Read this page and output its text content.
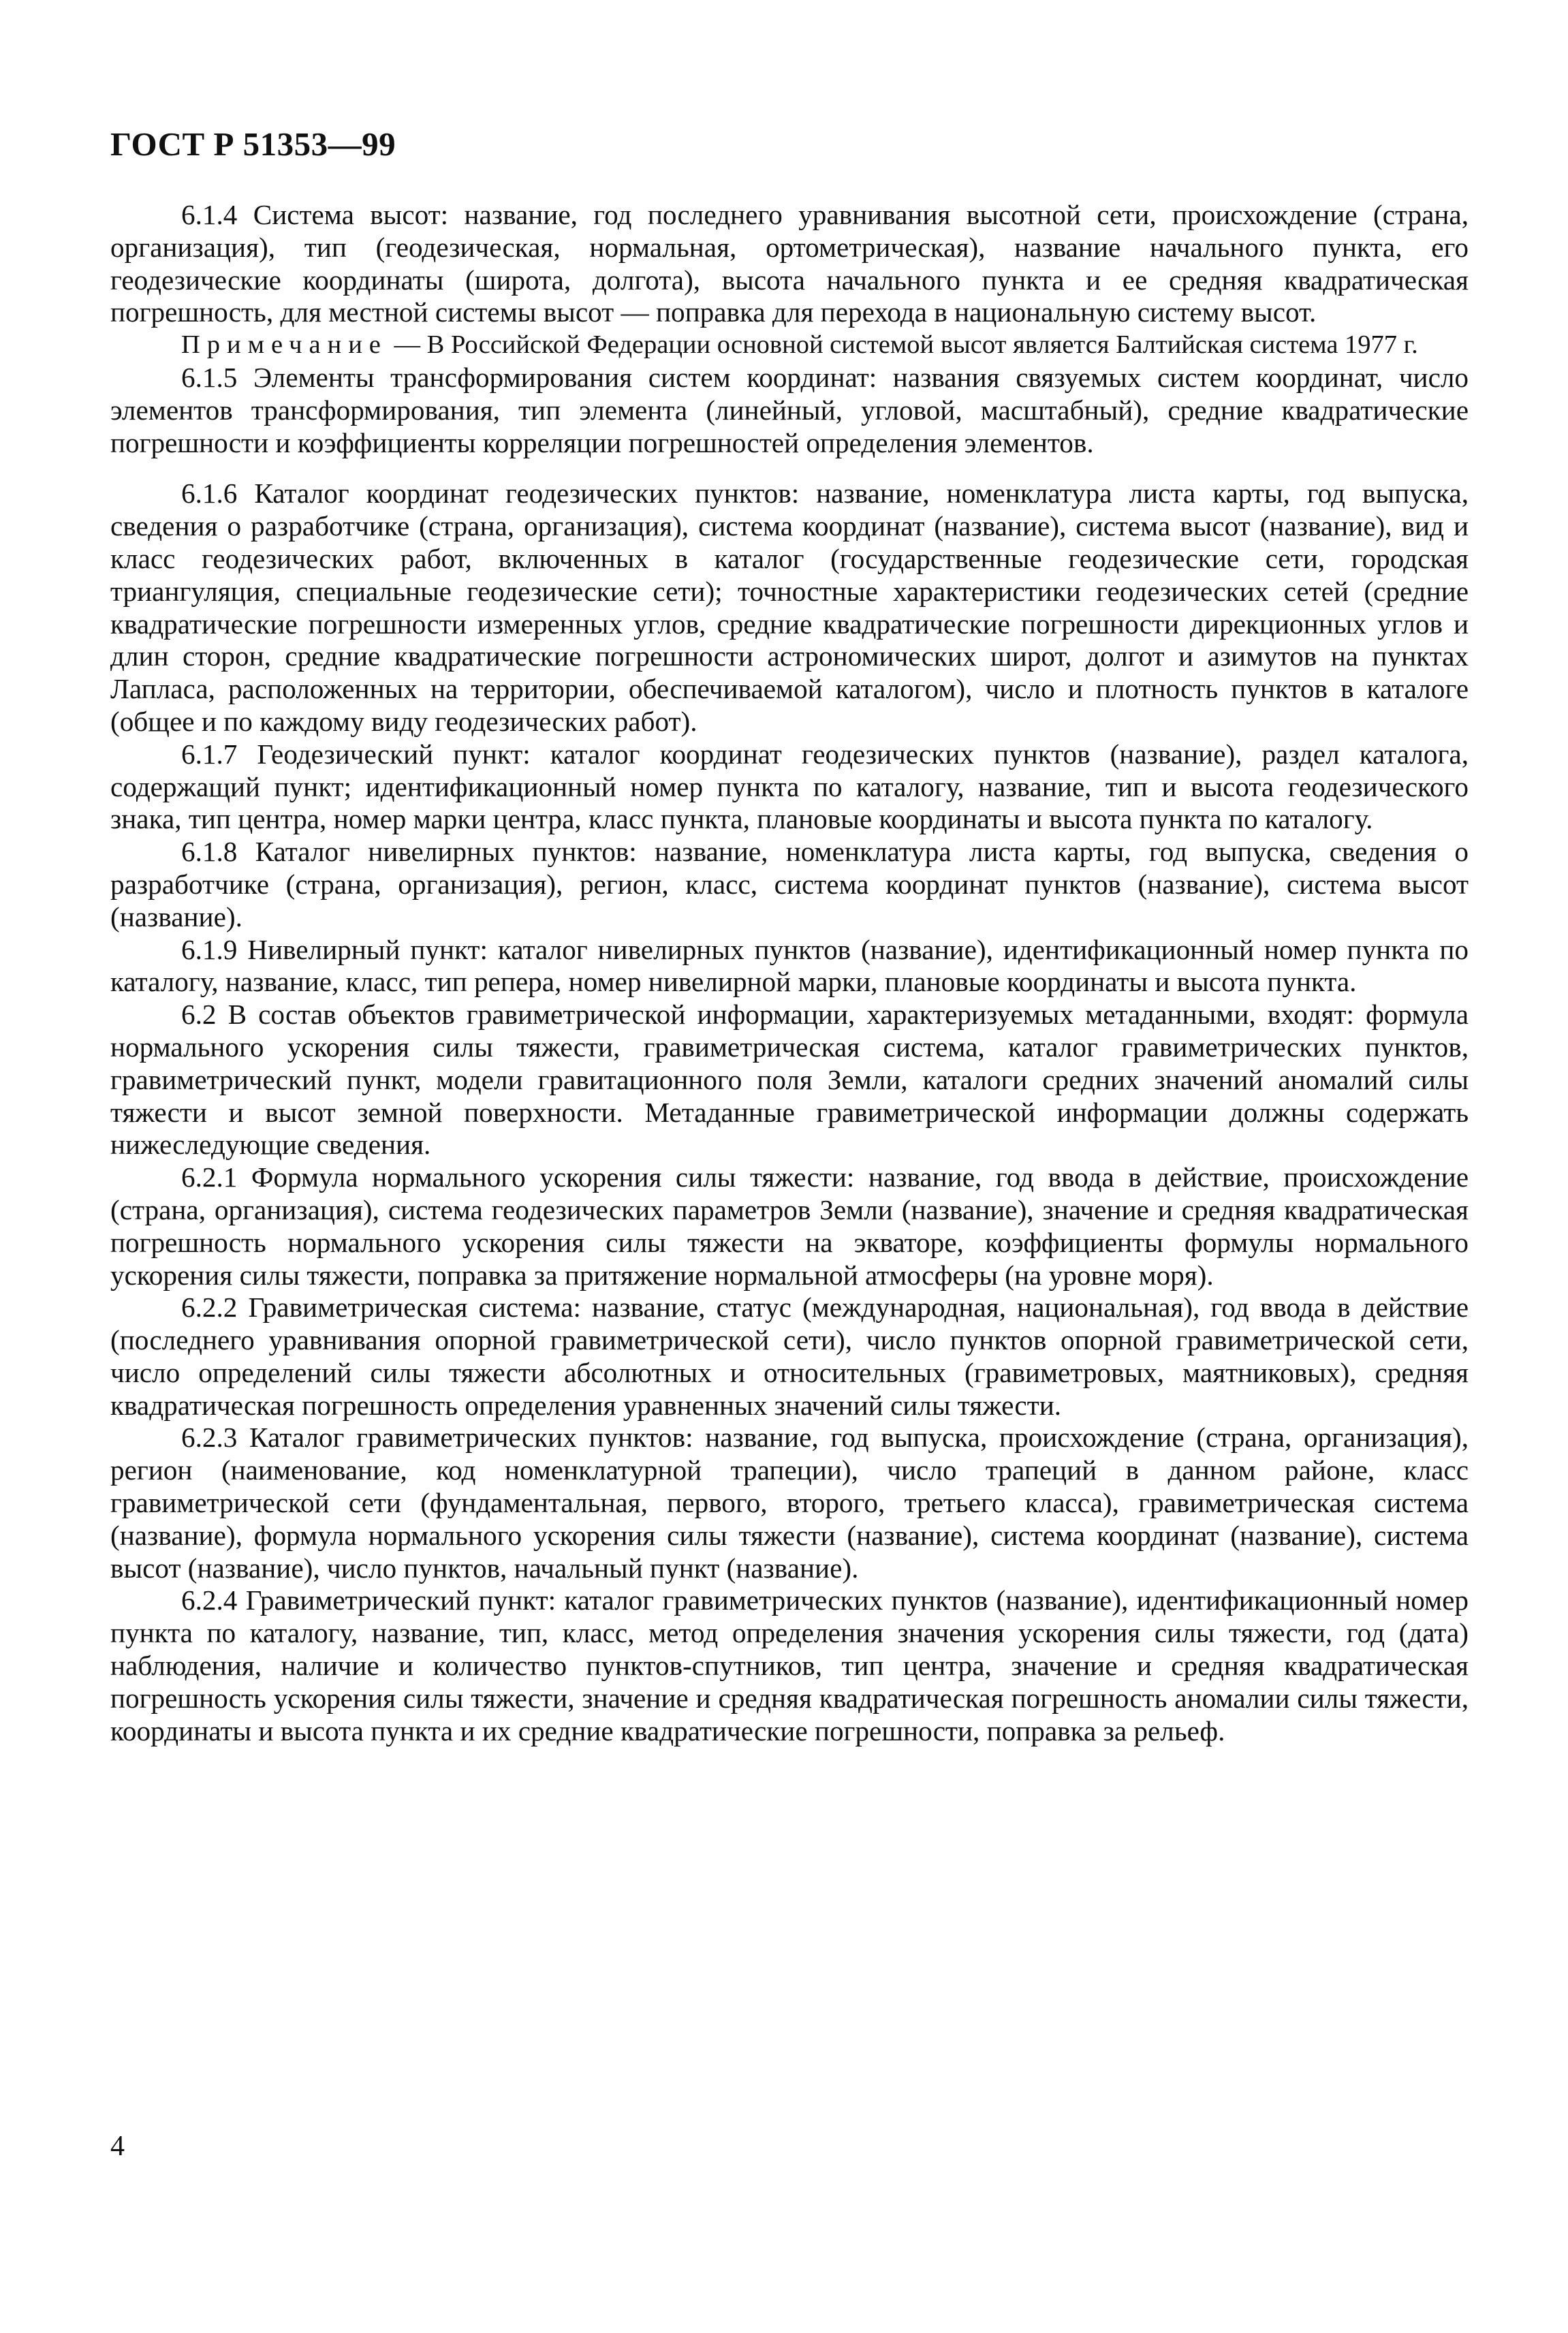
ГОСТ Р 51353—99

6.1.4 Система высот: название, год последнего уравнивания высотной сети, происхождение (страна, организация), тип (геодезическая, нормальная, ортометрическая), название начального пункта, его геодезические координаты (широта, долгота), высота начального пункта и ее средняя квадратическая погрешность, для местной системы высот — поправка для перехода в национальную систему высот.

Примечание — В Российской Федерации основной системой высот является Балтийская система 1977 г.

6.1.5 Элементы трансформирования систем координат: названия связуемых систем координат, число элементов трансформирования, тип элемента (линейный, угловой, масштабный), средние квадратические погрешности и коэффициенты корреляции погрешностей определения элементов.

6.1.6 Каталог координат геодезических пунктов: название, номенклатура листа карты, год выпуска, сведения о разработчике (страна, организация), система координат (название), система высот (название), вид и класс геодезических работ, включенных в каталог (государственные геодезические сети, городская триангуляция, специальные геодезические сети); точностные характеристики геодезических сетей (средние квадратические погрешности измеренных углов, средние квадратические погрешности дирекционных углов и длин сторон, средние квадратические погрешности астрономических широт, долгот и азимутов на пунктах Лапласа, расположенных на территории, обеспечиваемой каталогом), число и плотность пунктов в каталоге (общее и по каждому виду геодезических работ).

6.1.7 Геодезический пункт: каталог координат геодезических пунктов (название), раздел каталога, содержащий пункт; идентификационный номер пункта по каталогу, название, тип и высота геодезического знака, тип центра, номер марки центра, класс пункта, плановые координаты и высота пункта по каталогу.

6.1.8 Каталог нивелирных пунктов: название, номенклатура листа карты, год выпуска, сведения о разработчике (страна, организация), регион, класс, система координат пунктов (название), система высот (название).

6.1.9 Нивелирный пункт: каталог нивелирных пунктов (название), идентификационный номер пункта по каталогу, название, класс, тип репера, номер нивелирной марки, плановые координаты и высота пункта.

6.2 В состав объектов гравиметрической информации, характеризуемых метаданными, входят: формула нормального ускорения силы тяжести, гравиметрическая система, каталог гравиметрических пунктов, гравиметрический пункт, модели гравитационного поля Земли, каталоги средних значений аномалий силы тяжести и высот земной поверхности. Метаданные гравиметрической информации должны содержать нижеследующие сведения.

6.2.1 Формула нормального ускорения силы тяжести: название, год ввода в действие, происхождение (страна, организация), система геодезических параметров Земли (название), значение и средняя квадратическая погрешность нормального ускорения силы тяжести на экваторе, коэффициенты формулы нормального ускорения силы тяжести, поправка за притяжение нормальной атмосферы (на уровне моря).

6.2.2 Гравиметрическая система: название, статус (международная, национальная), год ввода в действие (последнего уравнивания опорной гравиметрической сети), число пунктов опорной гравиметрической сети, число определений силы тяжести абсолютных и относительных (гравиметровых, маятниковых), средняя квадратическая погрешность определения уравненных значений силы тяжести.

6.2.3 Каталог гравиметрических пунктов: название, год выпуска, происхождение (страна, организация), регион (наименование, код номенклатурной трапеции), число трапеций в данном районе, класс гравиметрической сети (фундаментальная, первого, второго, третьего класса), гравиметрическая система (название), формула нормального ускорения силы тяжести (название), система координат (название), система высот (название), число пунктов, начальный пункт (название).

6.2.4 Гравиметрический пункт: каталог гравиметрических пунктов (название), идентификационный номер пункта по каталогу, название, тип, класс, метод определения значения ускорения силы тяжести, год (дата) наблюдения, наличие и количество пунктов-спутников, тип центра, значение и средняя квадратическая погрешность ускорения силы тяжести, значение и средняя квадратическая погрешность аномалии силы тяжести, координаты и высота пункта и их средние квадратические погрешности, поправка за рельеф.

4
